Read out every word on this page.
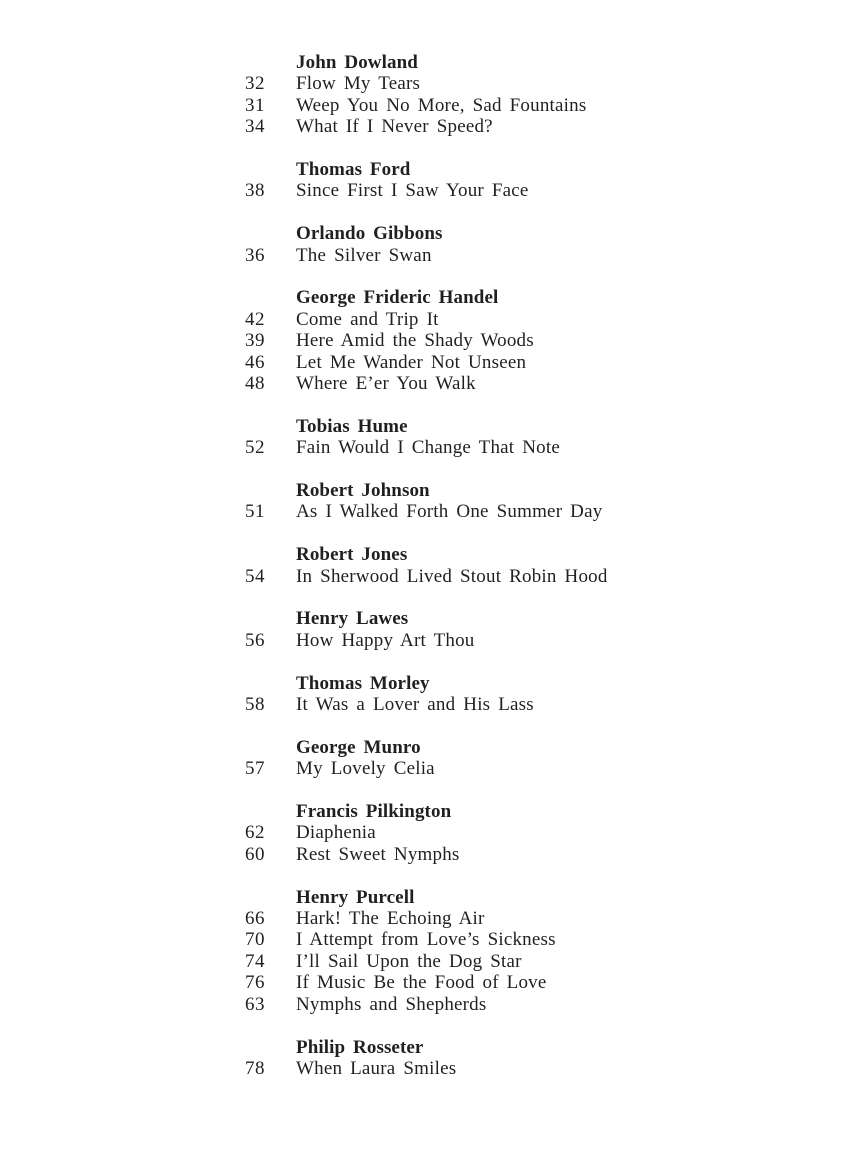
John Dowland
32	Flow My Tears
31	Weep You No More, Sad Fountains
34	What If I Never Speed?
Thomas Ford
38	Since First I Saw Your Face
Orlando Gibbons
36	The Silver Swan
George Frideric Handel
42	Come and Trip It
39	Here Amid the Shady Woods
46	Let Me Wander Not Unseen
48	Where E’er You Walk
Tobias Hume
52	Fain Would I Change That Note
Robert Johnson
51	As I Walked Forth One Summer Day
Robert Jones
54	In Sherwood Lived Stout Robin Hood
Henry Lawes
56	How Happy Art Thou
Thomas Morley
58	It Was a Lover and His Lass
George Munro
57	My Lovely Celia
Francis Pilkington
62	Diaphenia
60	Rest Sweet Nymphs
Henry Purcell
66	Hark! The Echoing Air
70	I Attempt from Love’s Sickness
74	I’ll Sail Upon the Dog Star
76	If Music Be the Food of Love
63	Nymphs and Shepherds
Philip Rosseter
78	When Laura Smiles
